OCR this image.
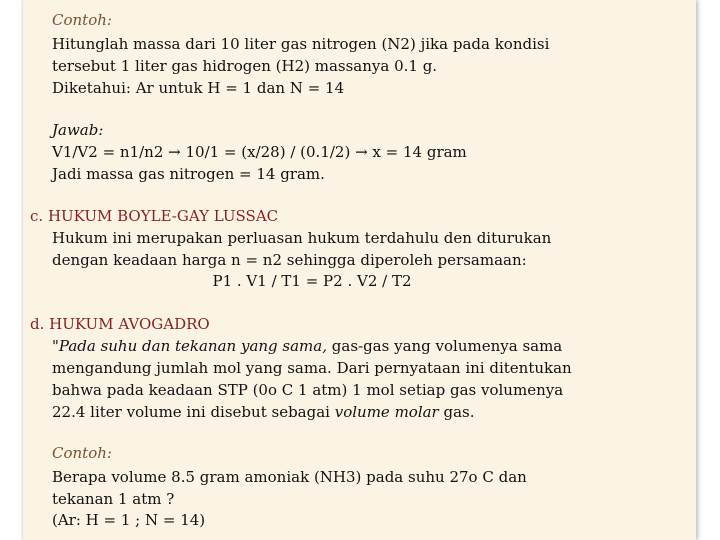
Contoh:
Hitunglah massa dari 10 liter gas nitrogen (N2) jika pada kondisi
tersebut 1 liter gas hidrogen (H2) massanya 0.1 g.
Diketahui: Ar untuk H = 1 dan N = 14
Jawab:
V1/V2 = n1/n2 → 10/1 = (x/28) / (0.1/2) → x = 14 gram
Jadi massa gas nitrogen = 14 gram.
c. HUKUM BOYLE-GAY LUSSAC
Hukum ini merupakan perluasan hukum terdahulu den diturukan
dengan keadaan harga n = n2 sehingga diperoleh persamaan:
P1 . V1 / T1 = P2 . V2 / T2
d. HUKUM AVOGADRO
"Pada suhu dan tekanan yang sama, gas-gas yang volumenya sama
mengandung jumlah mol yang sama. Dari pernyataan ini ditentukan
bahwa pada keadaan STP (0o C 1 atm) 1 mol setiap gas volumenya
22.4 liter volume ini disebut sebagai volume molar gas.
Contoh:
Berapa volume 8.5 gram amoniak (NH3) pada suhu 27o C dan
tekanan 1 atm ?
(Ar: H = 1 ; N = 14)
